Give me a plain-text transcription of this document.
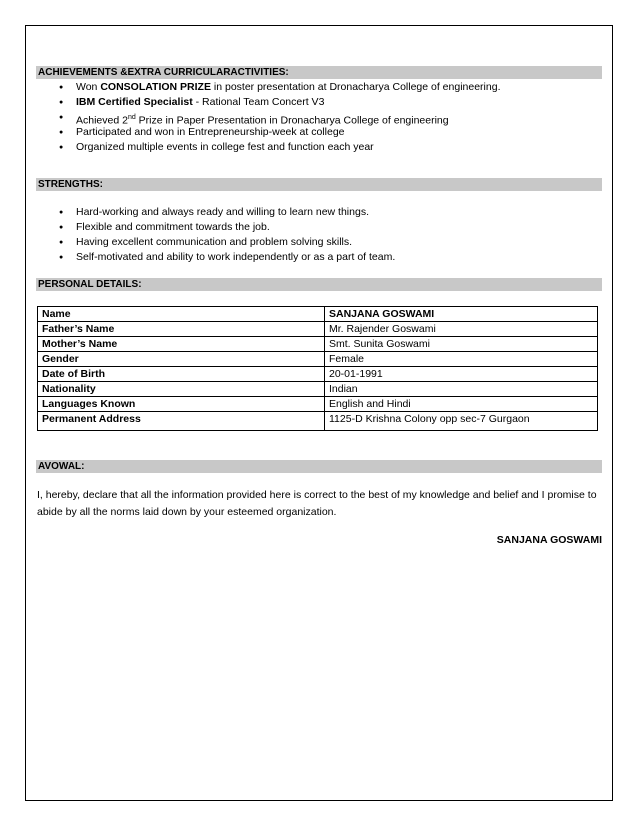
ACHIEVEMENTS &EXTRA CURRICULARACTIVITIES:
● Won CONSOLATION PRIZE in poster presentation at Dronacharya College of engineering.
● IBM Certified Specialist - Rational Team Concert V3
● Achieved 2nd Prize in Paper Presentation in Dronacharya College of engineering
● Participated and won in Entrepreneurship-week at college
● Organized multiple events in college fest and function each year
STRENGTHS:
● Hard-working and always ready and willing to learn new things.
● Flexible and commitment towards the job.
● Having excellent communication and problem solving skills.
● Self-motivated and ability to work independently or as a part of team.
PERSONAL DETAILS:
Name	SANJANA GOSWAMI
Father’s Name	Mr. Rajender Goswami
Mother’s Name	Smt. Sunita Goswami
Gender	Female
Date of Birth	20-01-1991
Nationality	Indian
Languages Known	English and Hindi
Permanent Address	1125-D Krishna Colony opp sec-7 Gurgaon
AVOWAL:
I, hereby, declare that all the information provided here is correct to the best of my knowledge and belief and I promise to abide by all the norms laid down by your esteemed organization.
SANJANA GOSWAMI
